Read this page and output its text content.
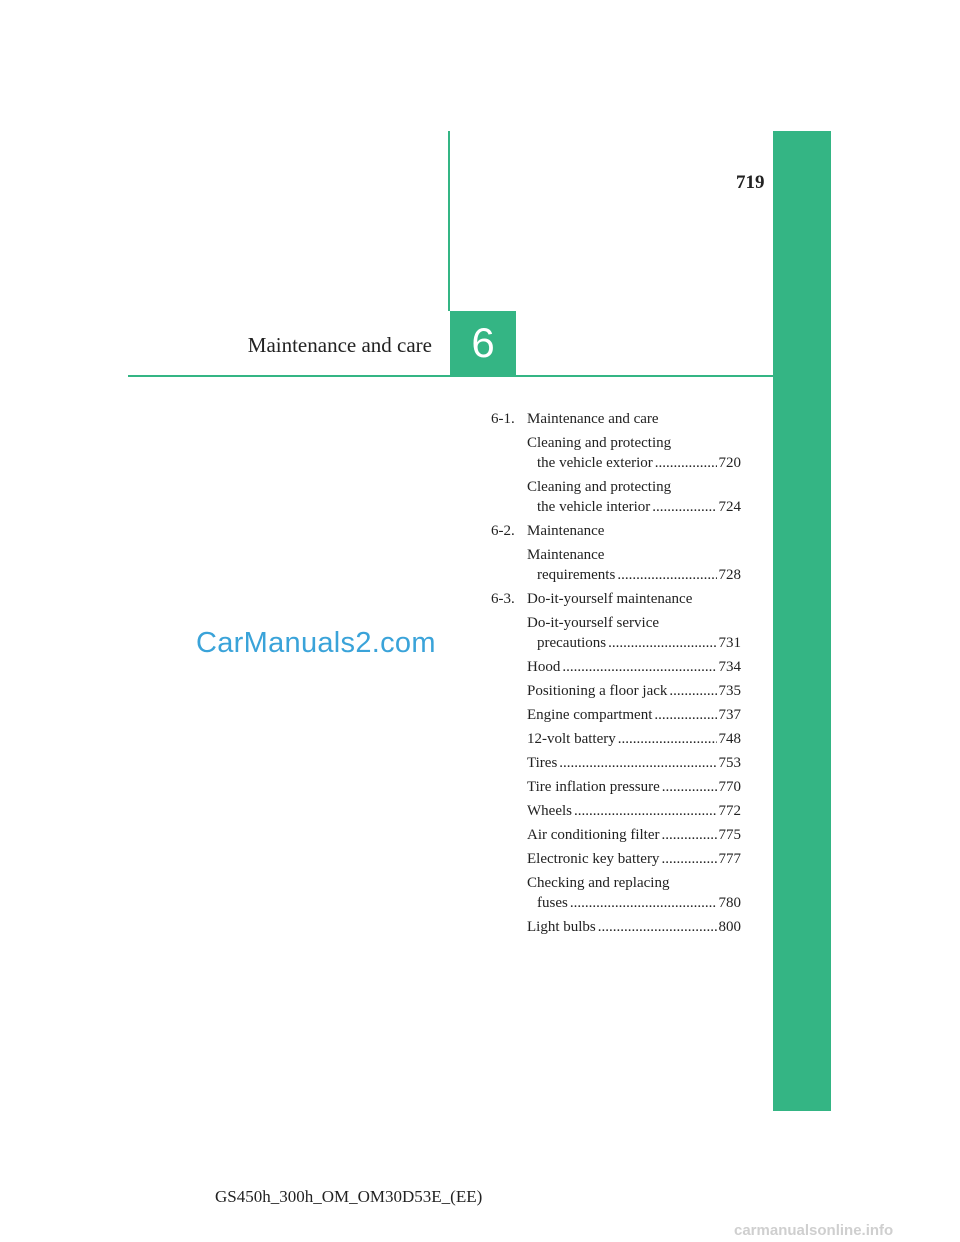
719
6
Maintenance and care
CarManuals2.com
6-1. Maintenance and care
Cleaning and protecting
the vehicle exterior .....	720
Cleaning and protecting
the vehicle interior .....	724
6-2. Maintenance
Maintenance
requirements .....	728
6-3. Do-it-yourself maintenance
Do-it-yourself service
precautions .....	731
Hood .....	734
Positioning a floor jack .....	735
Engine compartment .....	737
12-volt battery .....	748
Tires .....	753
Tire inflation pressure .....	770
Wheels .....	772
Air conditioning filter .....	775
Electronic key battery .....	777
Checking and replacing
fuses .....	780
Light bulbs .....	800
GS450h_300h_OM_OM30D53E_(EE)
carmanualsonline.info
